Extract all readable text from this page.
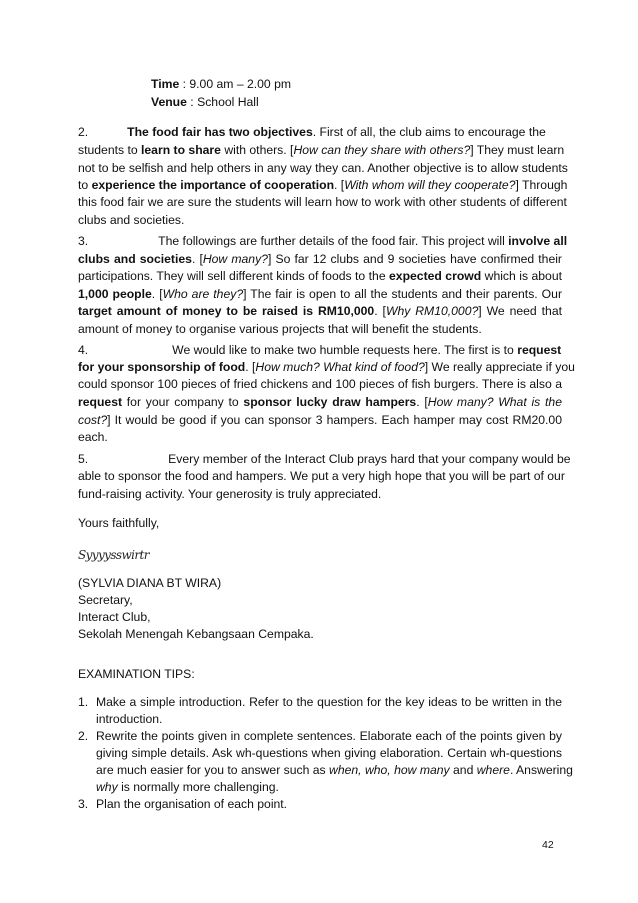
Time : 9.00 am – 2.00 pm
Venue : School Hall
2.	The food fair has two objectives. First of all, the club aims to encourage the
students to learn to share with others. [How can they share with others?] They must learn
not to be selfish and help others in any way they can. Another objective is to allow students
to experience the importance of cooperation. [With whom will they cooperate?] Through
this food fair we are sure the students will learn how to work with other students of different
clubs and societies.
3.	The followings are further details of the food fair. This project will involve all
clubs and societies. [How many?] So far 12 clubs and 9 societies have confirmed their
participations. They will sell different kinds of foods to the expected crowd which is about
1,000 people. [Who are they?] The fair is open to all the students and their parents. Our
target amount of money to be raised is RM10,000. [Why RM10,000?] We need that
amount of money to organise various projects that will benefit the students.
4.	We would like to make two humble requests here. The first is to request
for your sponsorship of food. [How much? What kind of food?] We really appreciate if you
could sponsor 100 pieces of fried chickens and 100 pieces of fish burgers. There is also a
request for your company to sponsor lucky draw hampers. [How many? What is the
cost?] It would be good if you can sponsor 3 hampers. Each hamper may cost RM20.00
each.
5.	Every member of the Interact Club prays hard that your company would be
able to sponsor the food and hampers. We put a very high hope that you will be part of our
fund-raising activity. Your generosity is truly appreciated.
Yours faithfully,
Syyyysswirtr
(SYLVIA DIANA BT WIRA)
Secretary,
Interact Club,
Sekolah Menengah Kebangsaan Cempaka.
EXAMINATION TIPS:
1. Make a simple introduction. Refer to the question for the key ideas to be written in the
introduction.
2. Rewrite the points given in complete sentences. Elaborate each of the points given by
giving simple details. Ask wh-questions when giving elaboration. Certain wh-questions
are much easier for you to answer such as when, who, how many and where. Answering
why is normally more challenging.
3. Plan the organisation of each point.
42
